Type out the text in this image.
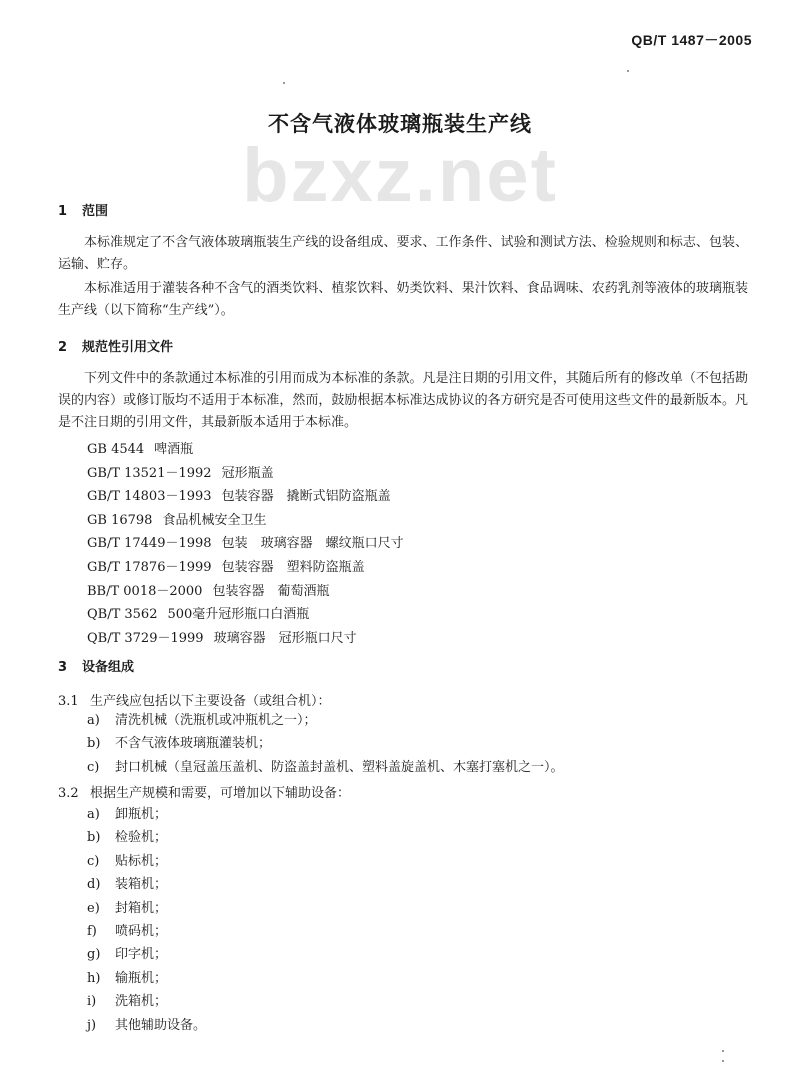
QB/T 1487－2005
不含气液体玻璃瓶装生产线
bzxz.net
1 范围
本标准规定了不含气液体玻璃瓶装生产线的设备组成、要求、工作条件、试验和测试方法、检验规则和标志、包装、运输、贮存。
本标准适用于灌装各种不含气的酒类饮料、植浆饮料、奶类饮料、果汁饮料、食品调味、农药乳剂等液体的玻璃瓶装生产线（以下简称“生产线”）。
2 规范性引用文件
下列文件中的条款通过本标准的引用而成为本标准的条款。凡是注日期的引用文件，其随后所有的修改单（不包括勘误的内容）或修订版均不适用于本标准，然而，鼓励根据本标准达成协议的各方研究是否可使用这些文件的最新版本。凡是不注日期的引用文件，其最新版本适用于本标准。
GB 4544 啤酒瓶
GB/T 13521－1992 冠形瓶盖
GB/T 14803－1993 包装容器　撬断式铝防盗瓶盖
GB 16798 食品机械安全卫生
GB/T 17449－1998 包装　玻璃容器　螺纹瓶口尺寸
GB/T 17876－1999 包装容器　塑料防盗瓶盖
BB/T 0018－2000 包装容器　葡萄酒瓶
QB/T 3562 500毫升冠形瓶口白酒瓶
QB/T 3729－1999 玻璃容器　冠形瓶口尺寸
3 设备组成
3.1 生产线应包括以下主要设备（或组合机）：
a) 清洗机械（洗瓶机或冲瓶机之一）；
b) 不含气液体玻璃瓶灌装机；
c) 封口机械（皇冠盖压盖机、防盗盖封盖机、塑料盖旋盖机、木塞打塞机之一）。
3.2 根据生产规模和需要，可增加以下辅助设备：
a) 卸瓶机；
b) 检验机；
c) 贴标机；
d) 装箱机；
e) 封箱机；
f) 喷码机；
g) 印字机；
h) 输瓶机；
i) 洗箱机；
j) 其他辅助设备。
